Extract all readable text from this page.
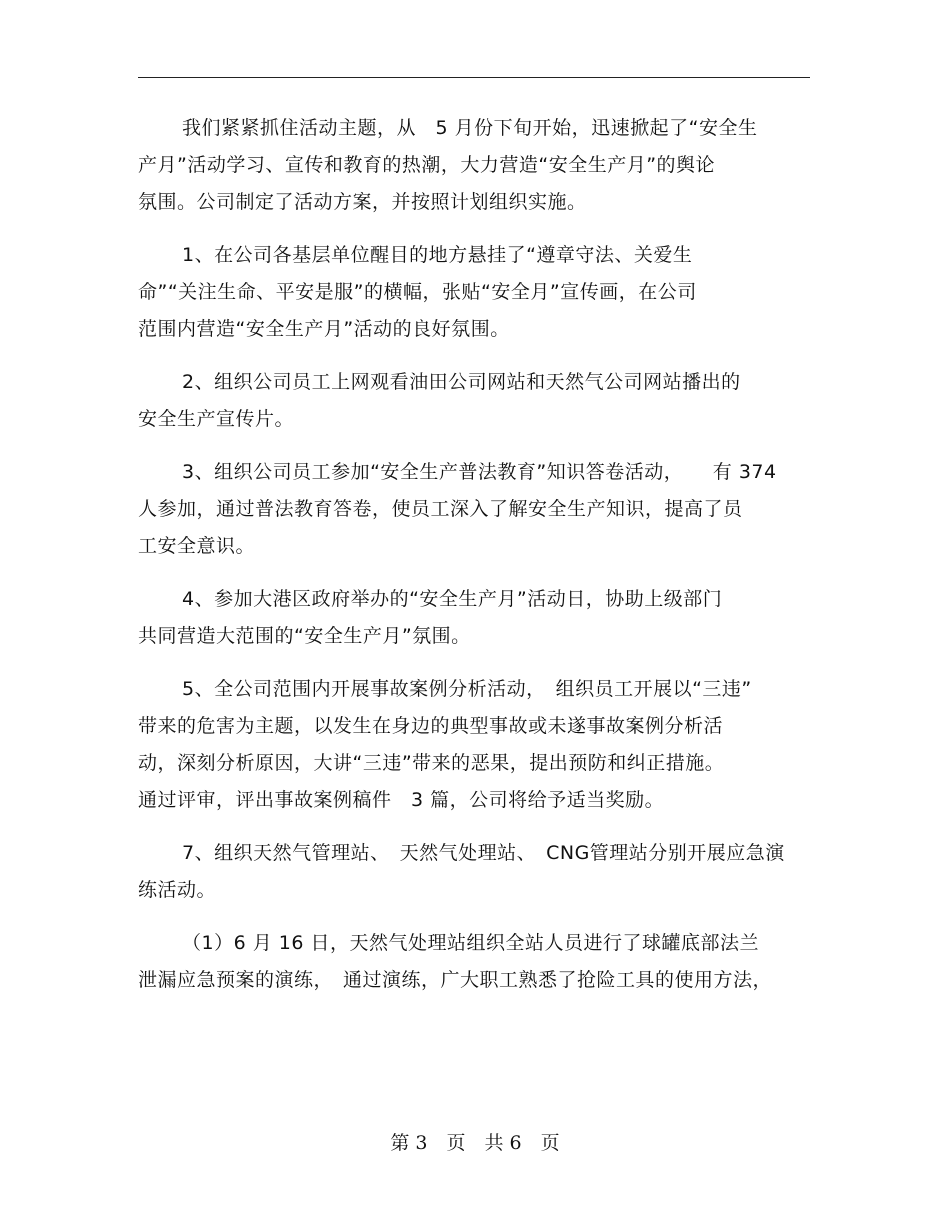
我们紧紧抓住活动主题，从　5 月份下旬开始，迅速掀起了“安全生
产月”活动学习、宣传和教育的热潮，大力营造“安全生产月”的舆论
氛围。公司制定了活动方案，并按照计划组织实施。
1、在公司各基层单位醒目的地方悬挂了“遵章守法、关爱生
命”“关注生命、平安是服”的横幅，张贴“安全月”宣传画，在公司
范围内营造“安全生产月”活动的良好氛围。
2、组织公司员工上网观看油田公司网站和天然气公司网站播出的
安全生产宣传片。
3、组织公司员工参加“安全生产普法教育”知识答卷活动，　　有 374
人参加，通过普法教育答卷，使员工深入了解安全生产知识，提高了员
工安全意识。
4、参加大港区政府举办的“安全生产月”活动日，协助上级部门
共同营造大范围的“安全生产月”氛围。
5、全公司范围内开展事故案例分析活动，　组织员工开展以“三违”
带来的危害为主题，以发生在身边的典型事故或未遂事故案例分析活
动，深刻分析原因，大讲“三违”带来的恶果，提出预防和纠正措施。
通过评审，评出事故案例稿件　3 篇，公司将给予适当奖励。
7、组织天然气管理站、　天然气处理站、　CNG管理站分别开展应急演
练活动。
（1）6 月 16 日，天然气处理站组织全站人员进行了球罐底部法兰
泄漏应急预案的演练，　通过演练，广大职工熟悉了抢险工具的使用方法，
第 3　页　共 6　页
